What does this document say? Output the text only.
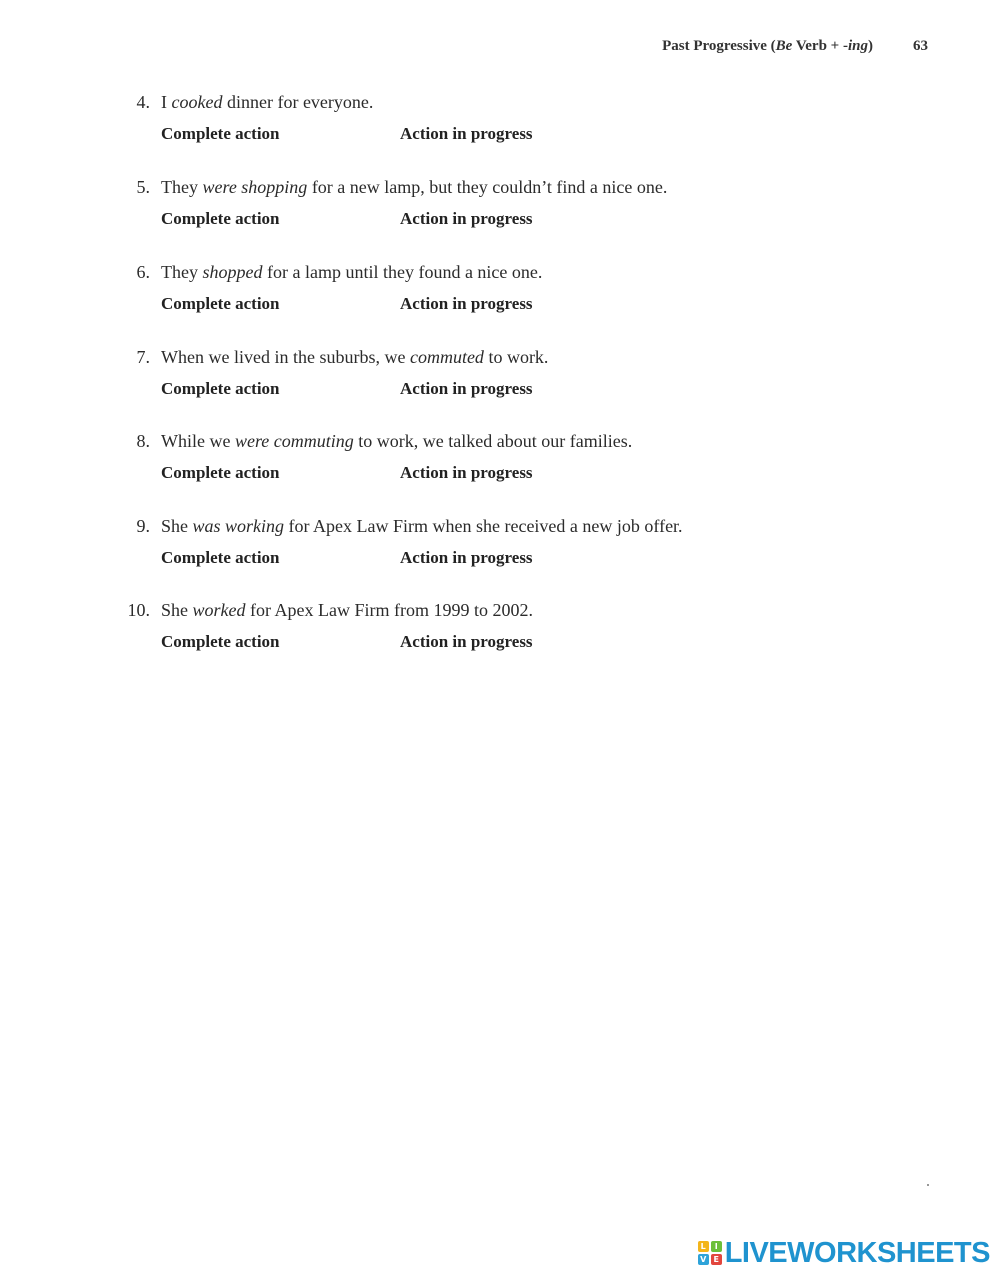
Past Progressive (Be Verb + -ing)	63
4. I cooked dinner for everyone.
Complete action	Action in progress
5. They were shopping for a new lamp, but they couldn’t find a nice one.
Complete action	Action in progress
6. They shopped for a lamp until they found a nice one.
Complete action	Action in progress
7. When we lived in the suburbs, we commuted to work.
Complete action	Action in progress
8. While we were commuting to work, we talked about our families.
Complete action	Action in progress
9. She was working for Apex Law Firm when she received a new job offer.
Complete action	Action in progress
10. She worked for Apex Law Firm from 1999 to 2002.
Complete action	Action in progress
L	I
V E LIVEWORKSHEETS
